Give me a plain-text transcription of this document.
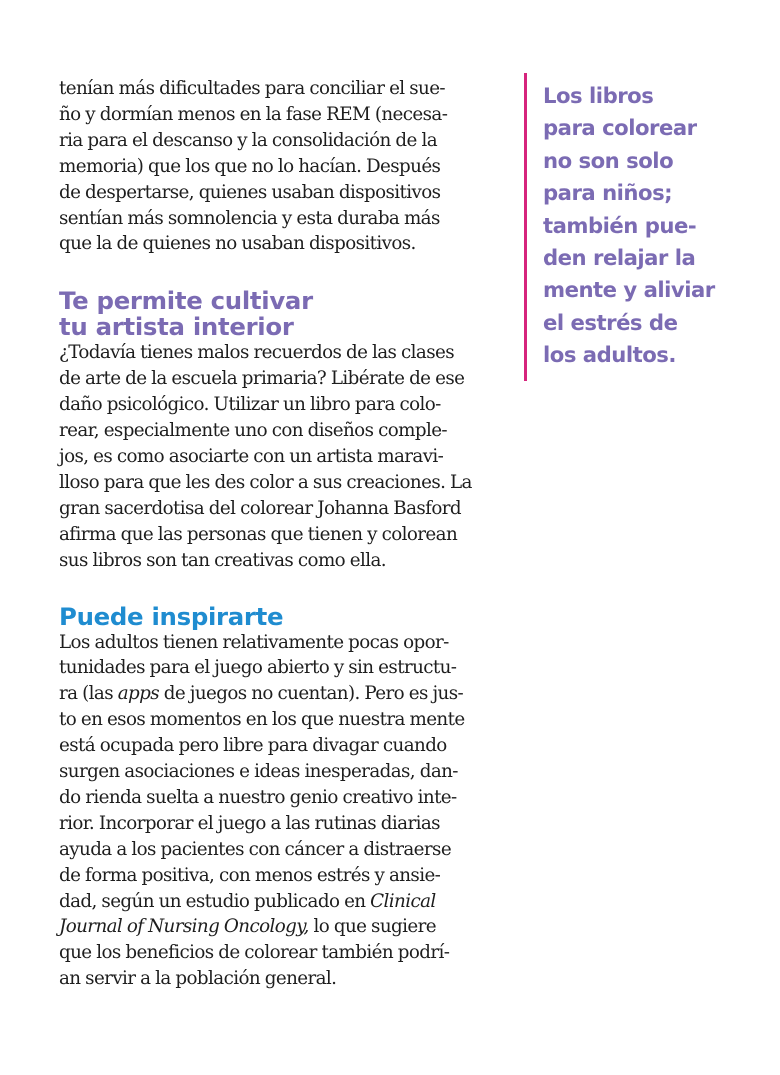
tenían más dificultades para conciliar el sue-
ño y dormían menos en la fase REM (necesa-
ria para el descanso y la consolidación de la
memoria) que los que no lo hacían. Después
de despertarse, quienes usaban dispositivos
sentían más somnolencia y esta duraba más
que la de quienes no usaban dispositivos.

Te permite cultivar
tu artista interior

¿Todavía tienes malos recuerdos de las clases
de arte de la escuela primaria? Libérate de ese
daño psicológico. Utilizar un libro para colo-
rear, especialmente uno con diseños comple-
jos, es como asociarte con un artista maravi-
lloso para que les des color a sus creaciones. La
gran sacerdotisa del colorear Johanna Basford
afirma que las personas que tienen y colorean
sus libros son tan creativas como ella.

Puede inspirarte

Los adultos tienen relativamente pocas opor-
tunidades para el juego abierto y sin estructu-
ra (las apps de juegos no cuentan). Pero es jus-
to en esos momentos en los que nuestra mente
está ocupada pero libre para divagar cuando
surgen asociaciones e ideas inesperadas, dan-
do rienda suelta a nuestro genio creativo inte-
rior. Incorporar el juego a las rutinas diarias
ayuda a los pacientes con cáncer a distraerse
de forma positiva, con menos estrés y ansie-
dad, según un estudio publicado en Clinical
Journal of Nursing Oncology, lo que sugiere
que los beneficios de colorear también podrí-
an servir a la población general.

Los libros
para colorear
no son solo
para niños;
también pue-
den relajar la
mente y aliviar
el estrés de
los adultos.
